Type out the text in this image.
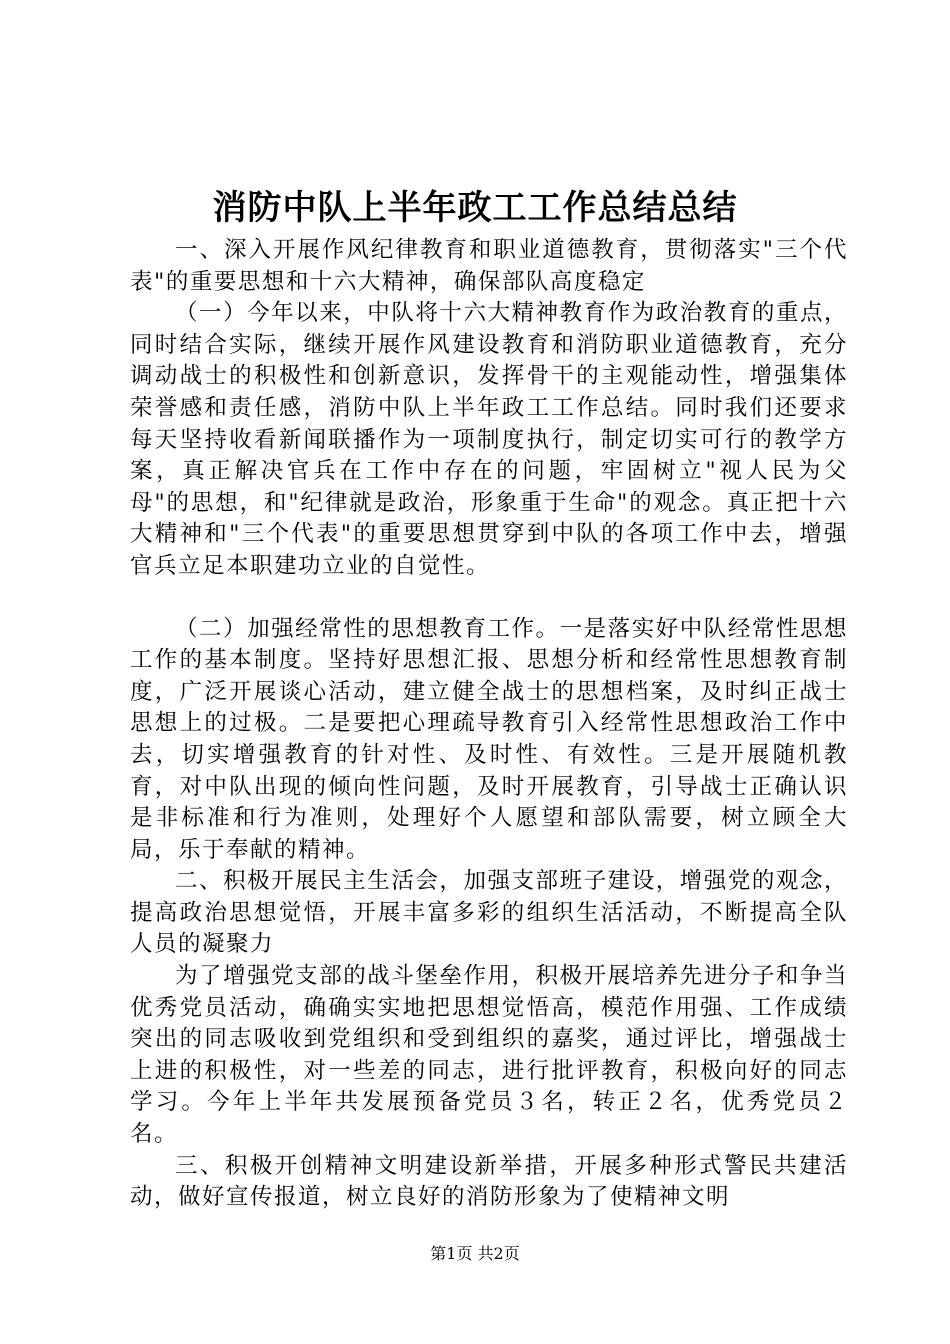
消防中队上半年政工工作总结总结

一、深入开展作风纪律教育和职业道德教育，贯彻落实"三个代表"的重要思想和十六大精神，确保部队高度稳定

（一）今年以来，中队将十六大精神教育作为政治教育的重点，同时结合实际，继续开展作风建设教育和消防职业道德教育，充分调动战士的积极性和创新意识，发挥骨干的主观能动性，增强集体荣誉感和责任感，消防中队上半年政工工作总结。同时我们还要求每天坚持收看新闻联播作为一项制度执行，制定切实可行的教学方案，真正解决官兵在工作中存在的问题，牢固树立"视人民为父母"的思想，和"纪律就是政治，形象重于生命"的观念。真正把十六大精神和"三个代表"的重要思想贯穿到中队的各项工作中去，增强官兵立足本职建功立业的自觉性。

（二）加强经常性的思想教育工作。一是落实好中队经常性思想工作的基本制度。坚持好思想汇报、思想分析和经常性思想教育制度，广泛开展谈心活动，建立健全战士的思想档案，及时纠正战士思想上的过极。二是要把心理疏导教育引入经常性思想政治工作中去，切实增强教育的针对性、及时性、有效性。三是开展随机教育，对中队出现的倾向性问题，及时开展教育，引导战士正确认识是非标准和行为准则，处理好个人愿望和部队需要，树立顾全大局，乐于奉献的精神。

二、积极开展民主生活会，加强支部班子建设，增强党的观念，提高政治思想觉悟，开展丰富多彩的组织生活活动，不断提高全队人员的凝聚力

为了增强党支部的战斗堡垒作用，积极开展培养先进分子和争当优秀党员活动，确确实实地把思想觉悟高，模范作用强、工作成绩突出的同志吸收到党组织和受到组织的嘉奖，通过评比，增强战士上进的积极性，对一些差的同志，进行批评教育，积极向好的同志学习。今年上半年共发展预备党员３名，转正２名，优秀党员２名。

三、积极开创精神文明建设新举措，开展多种形式警民共建活动，做好宣传报道，树立良好的消防形象为了使精神文明

第1页 共2页
